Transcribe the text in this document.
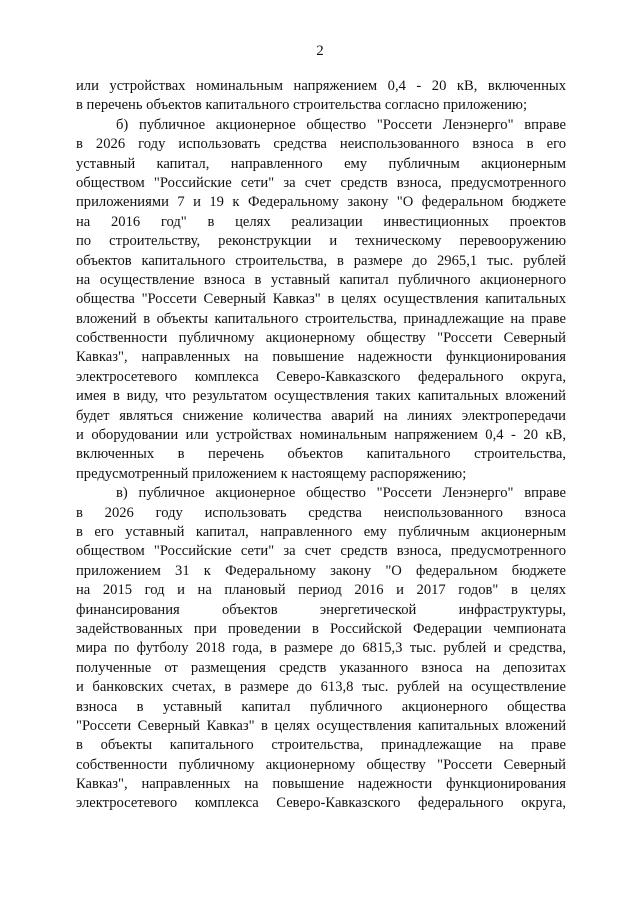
2
или устройствах номинальным напряжением 0,4 - 20 кВ, включенных
в перечень объектов капитального строительства согласно приложению;
б) публичное акционерное общество "Россети Ленэнерго" вправе
в 2026 году использовать средства неиспользованного взноса в его
уставный капитал, направленного ему публичным акционерным
обществом "Российские сети" за счет средств взноса, предусмотренного
приложениями 7 и 19 к Федеральному закону "О федеральном бюджете
на 2016 год" в целях реализации инвестиционных проектов
по строительству, реконструкции и техническому перевооружению
объектов капитального строительства, в размере до 2965,1 тыс. рублей
на осуществление взноса в уставный капитал публичного акционерного
общества "Россети Северный Кавказ" в целях осуществления капитальных
вложений в объекты капитального строительства, принадлежащие на праве
собственности публичному акционерному обществу "Россети Северный
Кавказ", направленных на повышение надежности функционирования
электросетевого комплекса Северо-Кавказского федерального округа,
имея в виду, что результатом осуществления таких капитальных вложений
будет являться снижение количества аварий на линиях электропередачи
и оборудовании или устройствах номинальным напряжением 0,4 - 20 кВ,
включенных в перечень объектов капитального строительства,
предусмотренный приложением к настоящему распоряжению;
в) публичное акционерное общество "Россети Ленэнерго" вправе
в 2026 году использовать средства неиспользованного взноса
в его уставный капитал, направленного ему публичным акционерным
обществом "Российские сети" за счет средств взноса, предусмотренного
приложением 31 к Федеральному закону "О федеральном бюджете
на 2015 год и на плановый период 2016 и 2017 годов" в целях
финансирования объектов энергетической инфраструктуры,
задействованных при проведении в Российской Федерации чемпионата
мира по футболу 2018 года, в размере до 6815,3 тыс. рублей и средства,
полученные от размещения средств указанного взноса на депозитах
и банковских счетах, в размере до 613,8 тыс. рублей на осуществление
взноса в уставный капитал публичного акционерного общества
"Россети Северный Кавказ" в целях осуществления капитальных вложений
в объекты капитального строительства, принадлежащие на праве
собственности публичному акционерному обществу "Россети Северный
Кавказ", направленных на повышение надежности функционирования
электросетевого комплекса Северо-Кавказского федерального округа,
